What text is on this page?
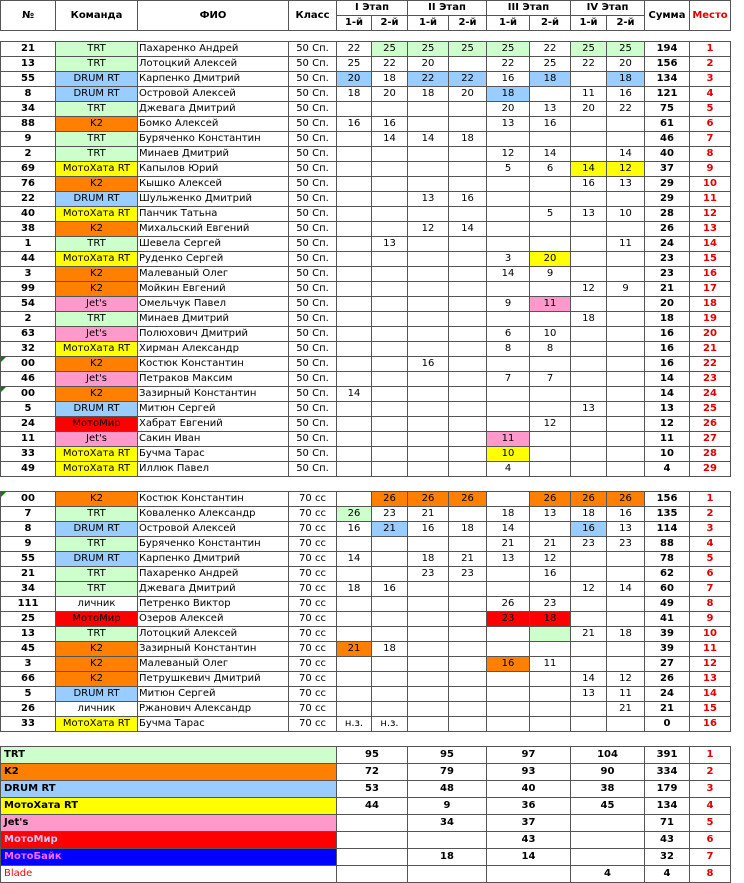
№	Команда	ФИО	Класс	I Этап		II Этап		III Этап		IV Этап		Сумма	Место
				1-й	2-й	1-й	2-й	1-й	2-й	1-й	2-й		

21	TRT	Пахаренко Андрей	50 Сп.	22	25	25	25	25	22	25	25	194	1
13	TRT	Лотоцкий Алексей	50 Сп.	25	22	20		22	25	22	20	156	2
55	DRUM RT	Карпенко Дмитрий	50 Сп.	20	18	22	22	16	18		18	134	3
8	DRUM RT	Островой Алексей	50 Сп.	18	20	18	20	18		11	16	121	4
34	TRT	Джевага Дмитрий	50 Сп.					20	13	20	22	75	5
88	K2	Бомко Алексей	50 Сп.	16	16			13	16			61	6
9	TRT	Буряченко Константин	50 Сп.		14	14	18					46	7
2	TRT	Минаев Дмитрий	50 Сп.					12	14		14	40	8
69	МотоХата RT	Капылов Юрий	50 Сп.					5	6	14	12	37	9
76	K2	Кышко Алексей	50 Сп.							16	13	29	10
22	DRUM RT	Шульженко Дмитрий	50 Сп.			13	16					29	11
40	МотоХата RT	Панчик Татьна	50 Сп.						5	13	10	28	12
38	K2	Михальский Евгений	50 Сп.			12	14					26	13
1	TRT	Шевела Сергей	50 Сп.		13						11	24	14
44	МотоХата RT	Руденко Сергей	50 Сп.					3	20			23	15
3	K2	Малеваный Олег	50 Сп.					14	9			23	16
99	K2	Мойкин Евгений	50 Сп.							12	9	21	17
54	Jet's	Омельчук Павел	50 Сп.					9	11			20	18
2	TRT	Минаев Дмитрий	50 Сп.							18		18	19
63	Jet's	Полюхович Дмитрий	50 Сп.					6	10			16	20
32	МотоХата RT	Хирман Александр	50 Сп.					8	8			16	21
00	K2	Костюк Константин	50 Сп.			16						16	22
46	Jet's	Петраков Максим	50 Сп.					7	7			14	23
00	K2	Зазирный Константин	50 Сп.	14								14	24
5	DRUM RT	Митюн Сергей	50 Сп.							13		13	25
24	МотоМир	Хабрат Евгений	50 Сп.						12			12	26
11	Jet's	Сакин Иван	50 Сп.					11				11	27
33	МотоХата RT	Бучма Тарас	50 Сп.					10				10	28
49	МотоХата RT	Иллюк Павел	50 Сп.					4				4	29

00	K2	Костюк Константин	70 cc		26	26	26		26	26	26	156	1
7	TRT	Коваленко Александр	70 cc	26	23	21		18	13	18	16	135	2
8	DRUM RT	Островой Алексей	70 cc	16	21	16	18	14		16	13	114	3
9	TRT	Буряченко Константин	70 cc					21	21	23	23	88	4
55	DRUM RT	Карпенко Дмитрий	70 cc	14		18	21	13	12			78	5
21	TRT	Пахаренко Андрей	70 cc			23	23		16			62	6
34	TRT	Джевага Дмитрий	70 cc	18	16					12	14	60	7
111	личник	Петренко Виктор	70 cc					26	23			49	8
25	МотоМир	Озеров Алексей	70 cc					23	18			41	9
13	TRT	Лотоцкий Алексей	70 cc							21	18	39	10
45	K2	Зазирный Константин	70 cc	21	18							39	11
3	K2	Малеваный Олег	70 cc					16	11			27	12
66	K2	Петрушкевич Дмитрий	70 cc							14	12	26	13
5	DRUM RT	Митюн Сергей	70 cc							13	11	24	14
26	личник	Ржанович Александр	70 cc								21	21	15
33	МотоХата RT	Бучма Тарас	70 cc	н.з.	н.з.							0	16

TRT				95		95		97		104		391	1
K2				72		79		93		90		334	2
DRUM RT				53		48		40		38		179	3
МотоХата RT				44		9		36		45		134	4
Jet's						34		37				71	5
МотоМир								43				43	6
МотоБайк						18		14				32	7
Blade										4		4	8
